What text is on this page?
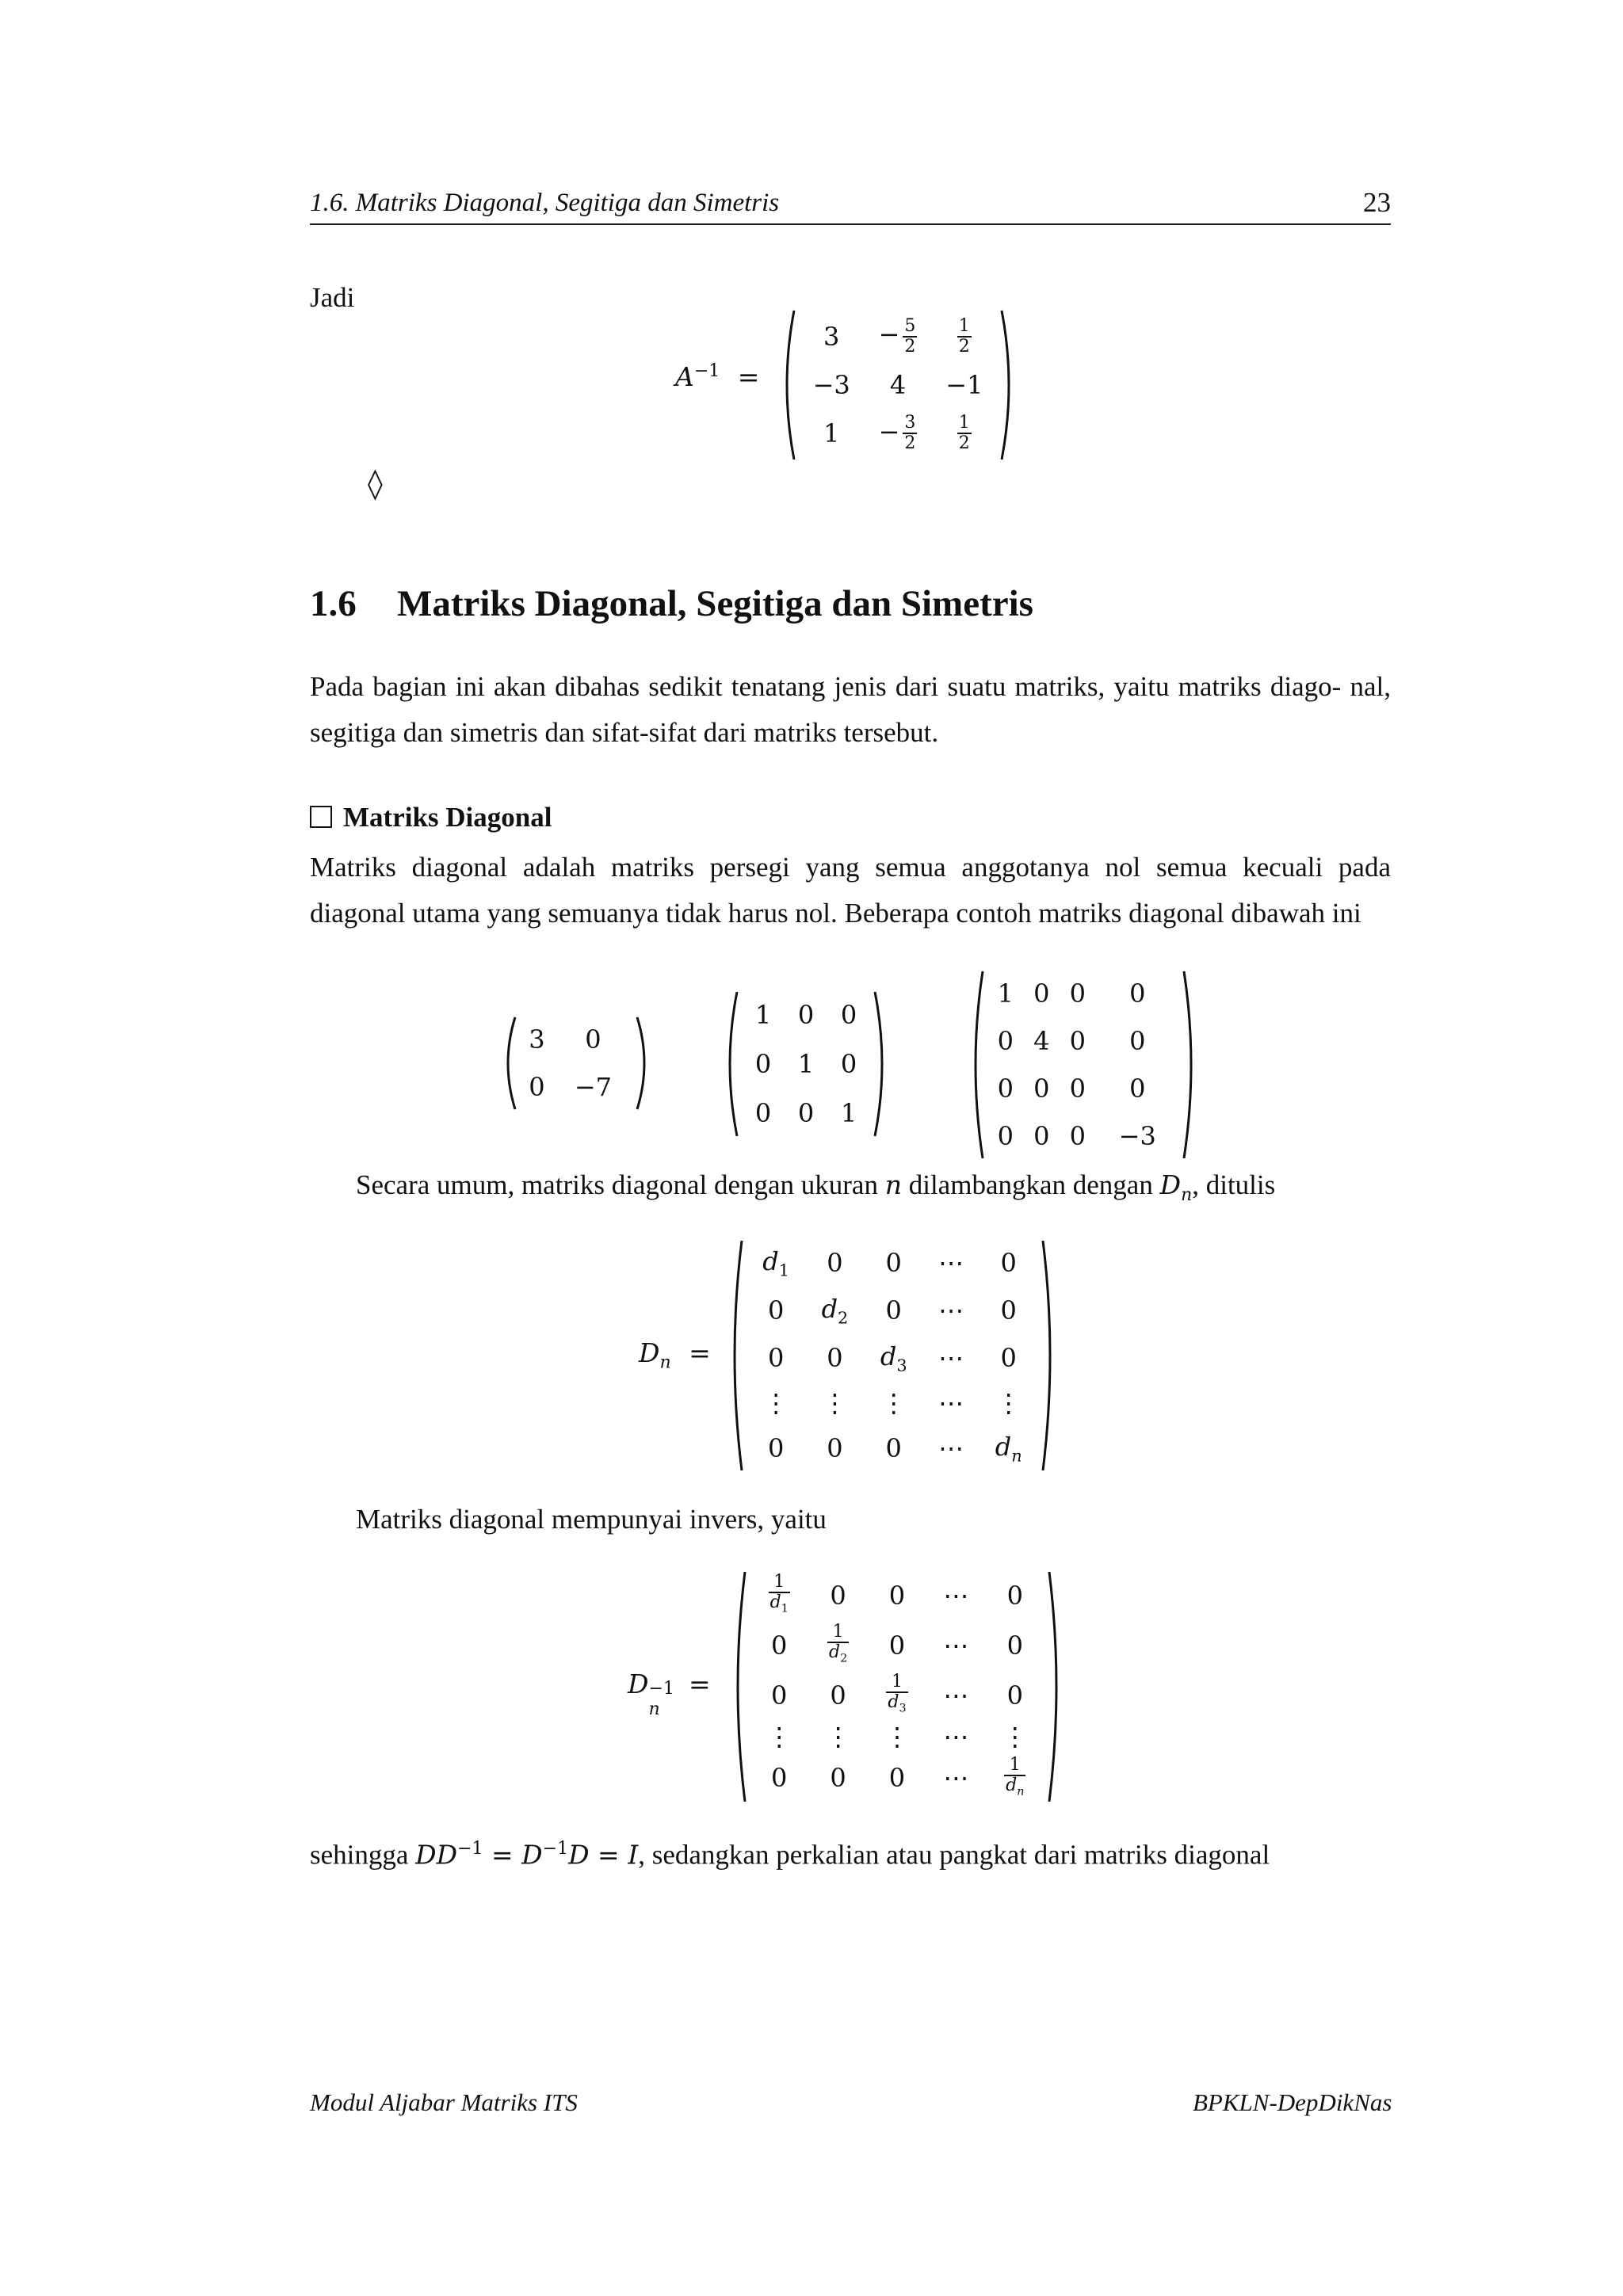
1.6. Matriks Diagonal, Segitiga dan Simetris	23
Jadi
$A^{-1}$ =
3	− $\frac{5}{2}$	$\frac{1}{2}$

−3	4	−1
1	− $\frac{3}{2}$	$\frac{1}{2}$
◊
1.6 Matriks Diagonal, Segitiga dan Simetris
Pada bagian ini akan dibahas sedikit tenatang jenis dari suatu matriks, yaitu matriks diago- nal, segitiga dan simetris dan sifat-sifat dari matriks tersebut.
Matriks Diagonal
Matriks diagonal adalah matriks persegi yang semua anggotanya nol semua kecuali pada diagonal utama yang semuanya tidak harus nol. Beberapa contoh matriks diagonal dibawah ini
3	0
0	−7
1	0	0
0	1	0
0	0	1
1	0	0	0
0	4	0	0
0	0	0	0
0	0	0	−3
Secara umum, matriks diagonal dengan ukuran n dilambangkan dengan $D_n$, ditulis
$D_n$ =
$d_1$	0	0	⋯	0
0	$d_2$	0	⋯	0
0	0	$d_3$	⋯	0
⋮	⋮	⋮	⋯	⋮
0	0	0	⋯	$d_n$
Matriks diagonal mempunyai invers, yaitu
D −1
n
=
$\frac{1}{d_1}$	0	0	⋯	0
0	$\frac{1}{d_2}$	0	⋯	0
0	0	$\frac{1}{d_3}$	⋯	0
⋮	⋮	⋮	⋯	⋮
0	0	0	⋯	$\frac{1}{d_n}$
sehingga $DD^{-1} = D^{-1}D = I$, sedangkan perkalian atau pangkat dari matriks diagonal
Modul Aljabar Matriks ITS	BPKLN-DepDikNas
